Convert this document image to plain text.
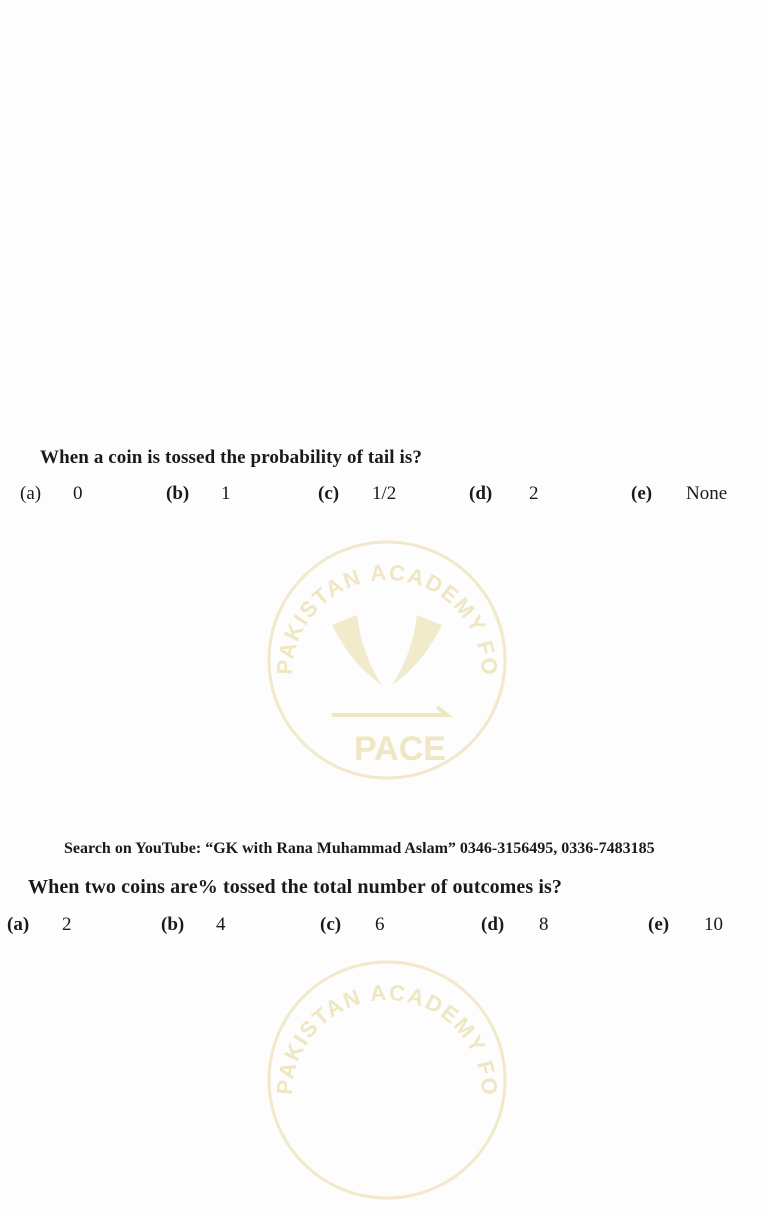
PAKISTAN ACADEMY FO
PACE
PAKISTAN ACADEMY FO
When a coin is tossed the probability of tail is?
(a) 0	(b) 1	(c) 1/2	(d) 2	(e) None
Search on YouTube: “GK with Rana Muhammad Aslam” 0346-3156495, 0336-7483185
When two coins are% tossed the total number of outcomes is?
(a) 2	(b) 4	(c) 6	(d) 8	(e) 10
